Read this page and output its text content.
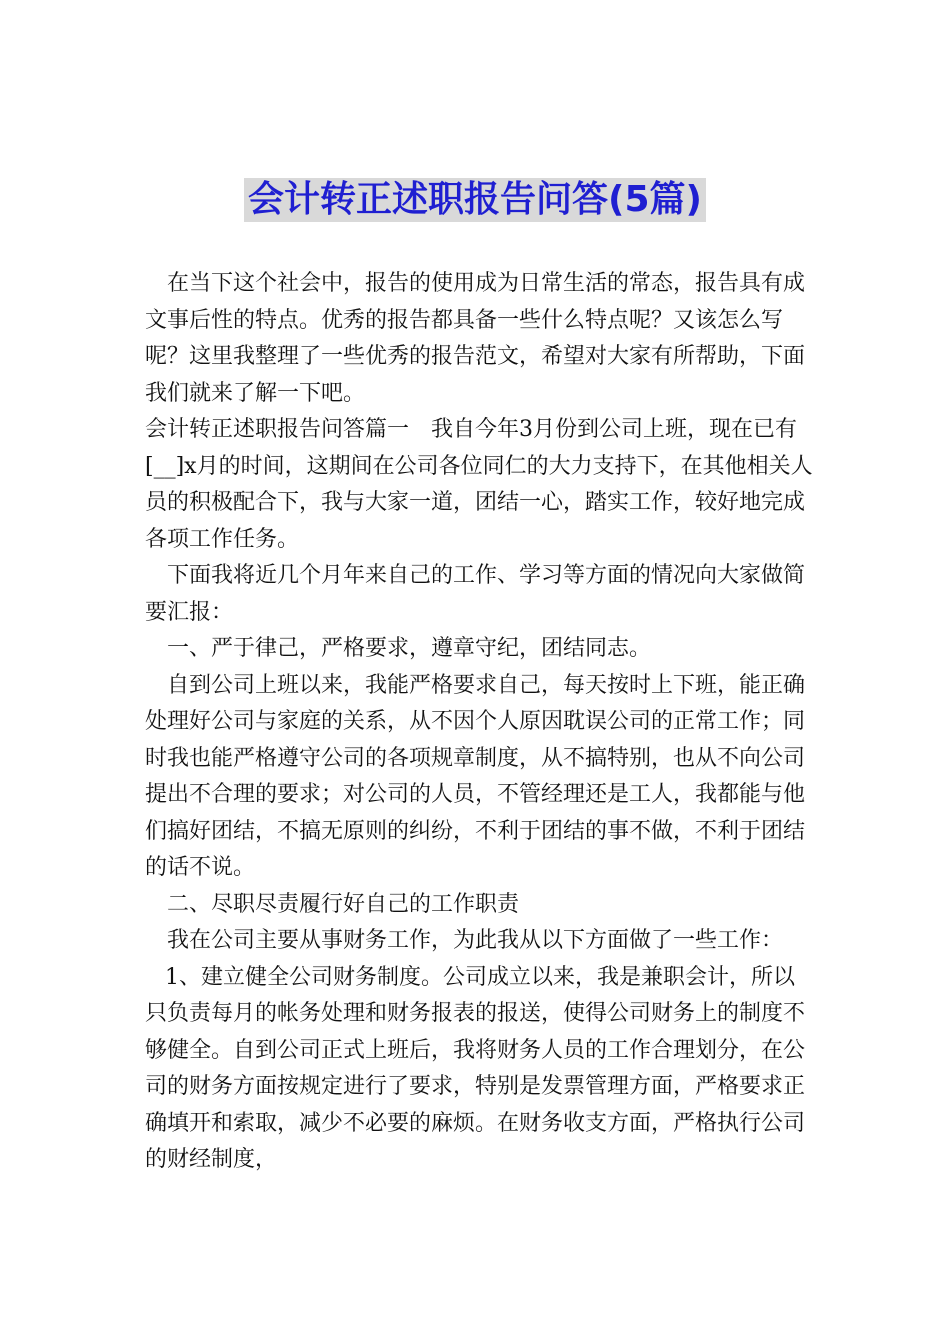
会计转正述职报告问答(5篇)

在当下这个社会中，报告的使用成为日常生活的常态，报告具有成文事后性的特点。优秀的报告都具备一些什么特点呢？又该怎么写呢？这里我整理了一些优秀的报告范文，希望对大家有所帮助，下面我们就来了解一下吧。

会计转正述职报告问答篇一　我自今年3月份到公司上班，现在已有[__]x月的时间，这期间在公司各位同仁的大力支持下，在其他相关人员的积极配合下，我与大家一道，团结一心，踏实工作，较好地完成各项工作任务。

下面我将近几个月年来自己的工作、学习等方面的情况向大家做简要汇报：

一、严于律己，严格要求，遵章守纪，团结同志。

自到公司上班以来，我能严格要求自己，每天按时上下班，能正确处理好公司与家庭的关系，从不因个人原因耽误公司的正常工作；同时我也能严格遵守公司的各项规章制度，从不搞特别，也从不向公司提出不合理的要求；对公司的人员，不管经理还是工人，我都能与他们搞好团结，不搞无原则的纠纷，不利于团结的事不做，不利于团结的话不说。

二、尽职尽责履行好自己的工作职责

我在公司主要从事财务工作，为此我从以下方面做了一些工作：

1、建立健全公司财务制度。公司成立以来，我是兼职会计，所以只负责每月的帐务处理和财务报表的报送，使得公司财务上的制度不够健全。自到公司正式上班后，我将财务人员的工作合理划分，在公司的财务方面按规定进行了要求，特别是发票管理方面，严格要求正确填开和索取，减少不必要的麻烦。在财务收支方面，严格执行公司的财经制度，
